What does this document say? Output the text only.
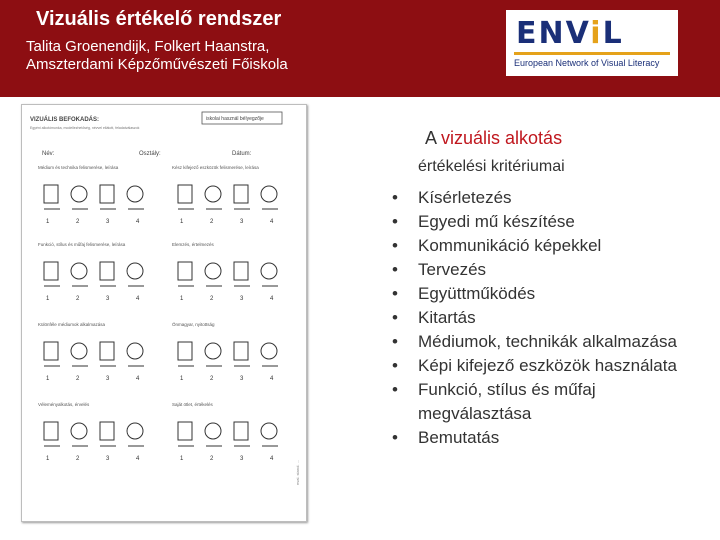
Vizuális értékelő rendszer
Talita Groenendijk, Folkert Haanstra,
Amszterdami Képzőművészeti Főiskola
ENViL
European Network of Visual Literacy
VIZUÁLIS BEFOKADÁS:
Egyéni alkotómunka, modellezhetőség, névvel ellátott, feladatválaszok
iskolai használ bélyegzője
Név:	Osztály:	Dátum:
Médium és technika felismerése, leírása
1	2	3	4
Kész kifejező eszközök felismerése, leírása
1	2	3	4
Funkció, stílus és műfaj felismerése, leírása
1	2	3	4
Elemzés, értelmezés
1	2	3	4
Különféle médiumok alkalmazása
1	2	3	4
Önmagyar, nyitottság
1	2	3	4
Véleményalkotás, érvelés
1	2	3	4
Saját ötlet, értékelés
1	2	3	4
eval. stand. ...
A vizuális alkotás
értékelési kritériumai
• Kísérletezés
• Egyedi mű készítése
• Kommunikáció képekkel
• Tervezés
• Együttműködés
• Kitartás
• Médiumok, technikák alkalmazása
• Képi kifejező eszközök használata
• Funkció, stílus és műfaj megválasztása
• Bemutatás
